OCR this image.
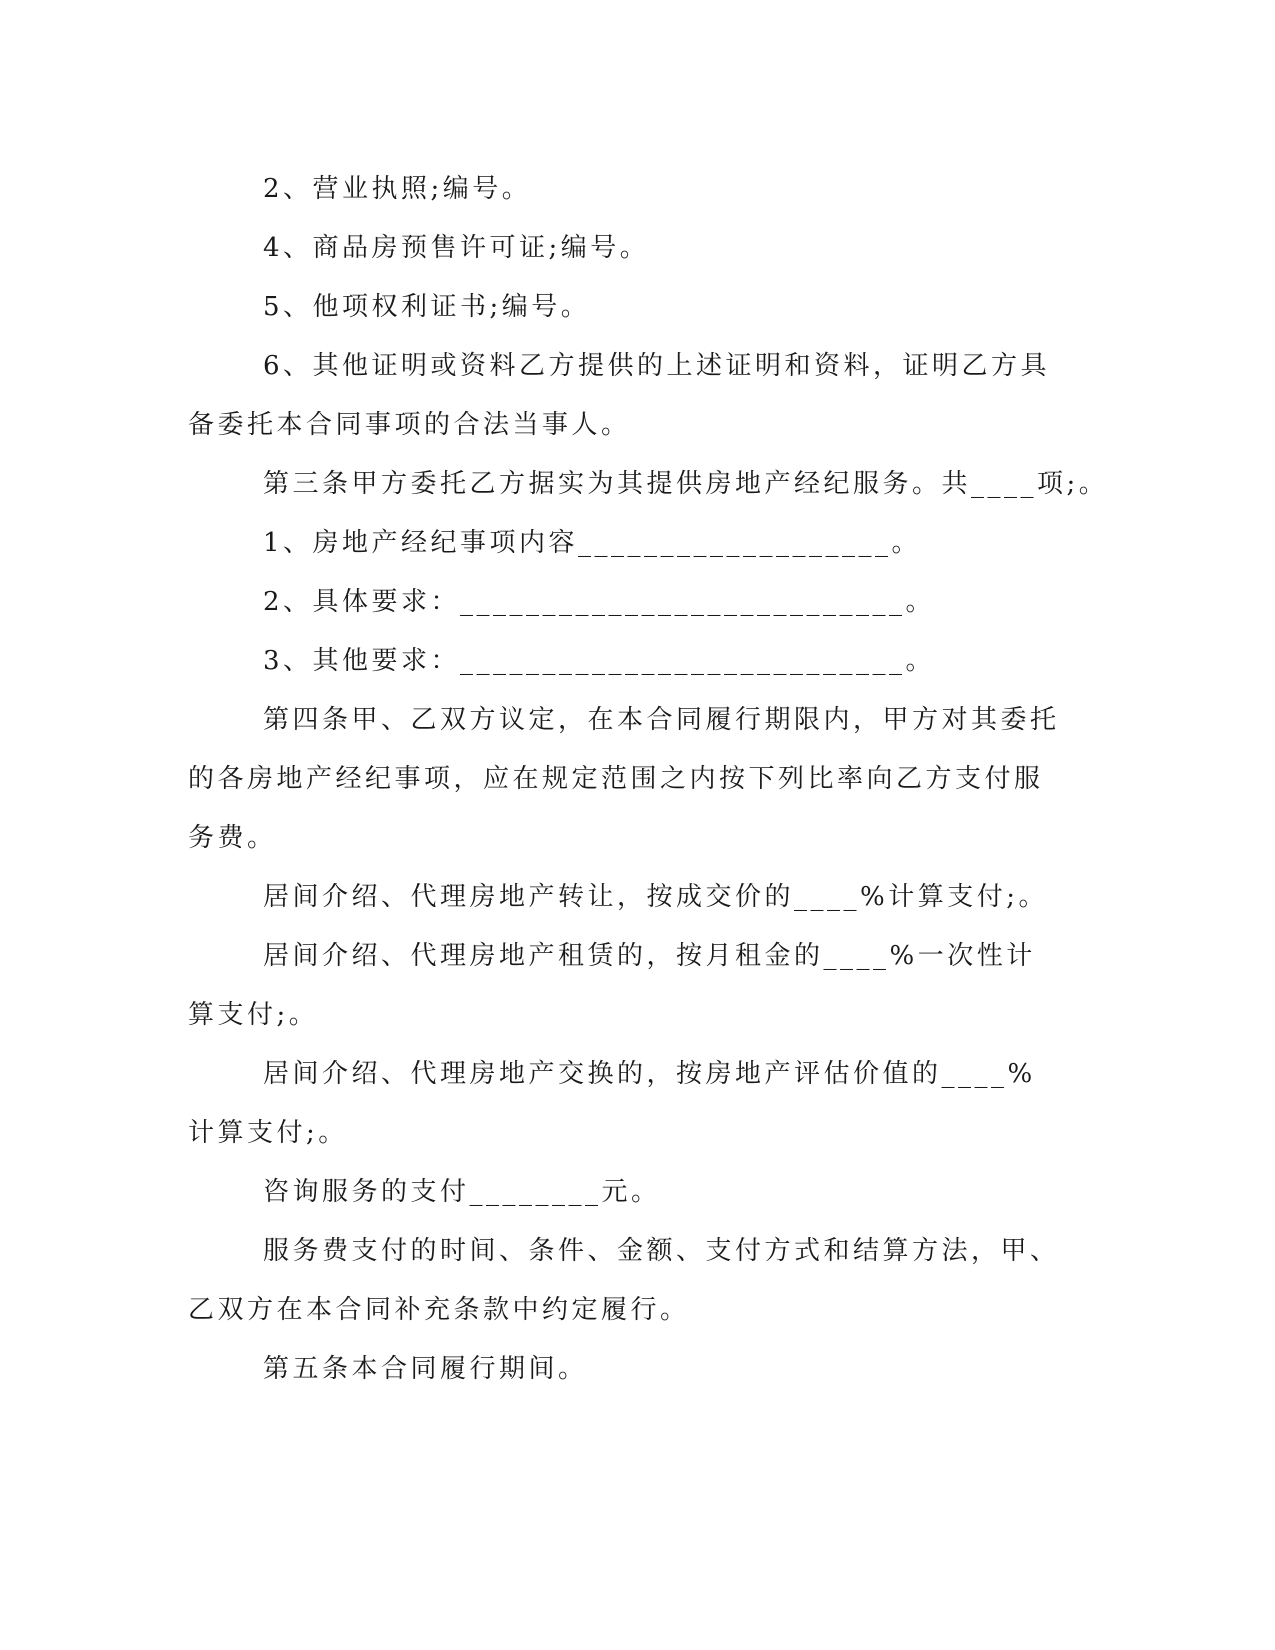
2、营业执照;编号。

4、商品房预售许可证;编号。

5、他项权利证书;编号。

6、其他证明或资料乙方提供的上述证明和资料，证明乙方具备委托本合同事项的合法当事人。

第三条甲方委托乙方据实为其提供房地产经纪服务。共____项;。

1、房地产经纪事项内容___________________。

2、具体要求：___________________________。

3、其他要求：___________________________。

第四条甲、乙双方议定，在本合同履行期限内，甲方对其委托的各房地产经纪事项，应在规定范围之内按下列比率向乙方支付服务费。

居间介绍、代理房地产转让，按成交价的____%计算支付;。

居间介绍、代理房地产租赁的，按月租金的____%一次性计算支付;。

居间介绍、代理房地产交换的，按房地产评估价值的____%计算支付;。

咨询服务的支付________元。

服务费支付的时间、条件、金额、支付方式和结算方法，甲、乙双方在本合同补充条款中约定履行。

第五条本合同履行期间。
